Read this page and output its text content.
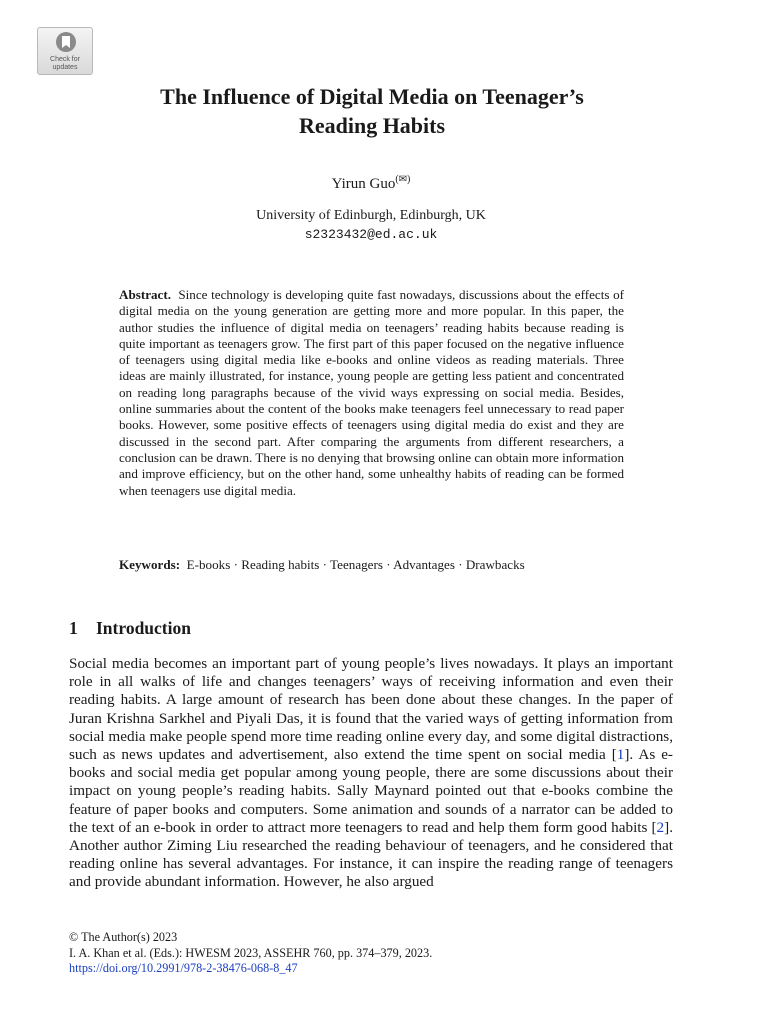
Check for
updates
The Influence of Digital Media on Teenager’s
Reading Habits
Yirun Guo(✉)
University of Edinburgh, Edinburgh, UK
s2323432@ed.ac.uk

Abstract. Since technology is developing quite fast nowadays, discussions about the effects of digital media on the young generation are getting more and more popular. In this paper, the author studies the influence of digital media on teenagers’ reading habits because reading is quite important as teenagers grow. The first part of this paper focused on the negative influence of teenagers using digital media like e-books and online videos as reading materials. Three ideas are mainly illustrated, for instance, young people are getting less patient and concentrated on reading long paragraphs because of the vivid ways expressing on social media. Besides, online summaries about the content of the books make teenagers feel unnecessary to read paper books. However, some positive effects of teenagers using digital media do exist and they are discussed in the second part. After comparing the arguments from different researchers, a conclusion can be drawn. There is no denying that browsing online can obtain more information and improve efficiency, but on the other hand, some unhealthy habits of reading can be formed when teenagers use digital media.

Keywords: E-books · Reading habits · Teenagers · Advantages · Drawbacks
1 Introduction

Social media becomes an important part of young people’s lives nowadays. It plays an important role in all walks of life and changes teenagers’ ways of receiving information and even their reading habits. A large amount of research has been done about these changes. In the paper of Juran Krishna Sarkhel and Piyali Das, it is found that the varied ways of getting information from social media make people spend more time reading online every day, and some digital distractions, such as news updates and advertisement, also extend the time spent on social media [1]. As e-books and social media get popular among young people, there are some discussions about their impact on young people’s reading habits. Sally Maynard pointed out that e-books combine the feature of paper books and computers. Some animation and sounds of a narrator can be added to the text of an e-book in order to attract more teenagers to read and help them form good habits [2]. Another author Ziming Liu researched the reading behaviour of teenagers, and he considered that reading online has several advantages. For instance, it can inspire the reading range of teenagers and provide abundant information. However, he also argued

© The Author(s) 2023
I. A. Khan et al. (Eds.): HWESM 2023, ASSEHR 760, pp. 374–379, 2023.
https://doi.org/10.2991/978-2-38476-068-8_47
